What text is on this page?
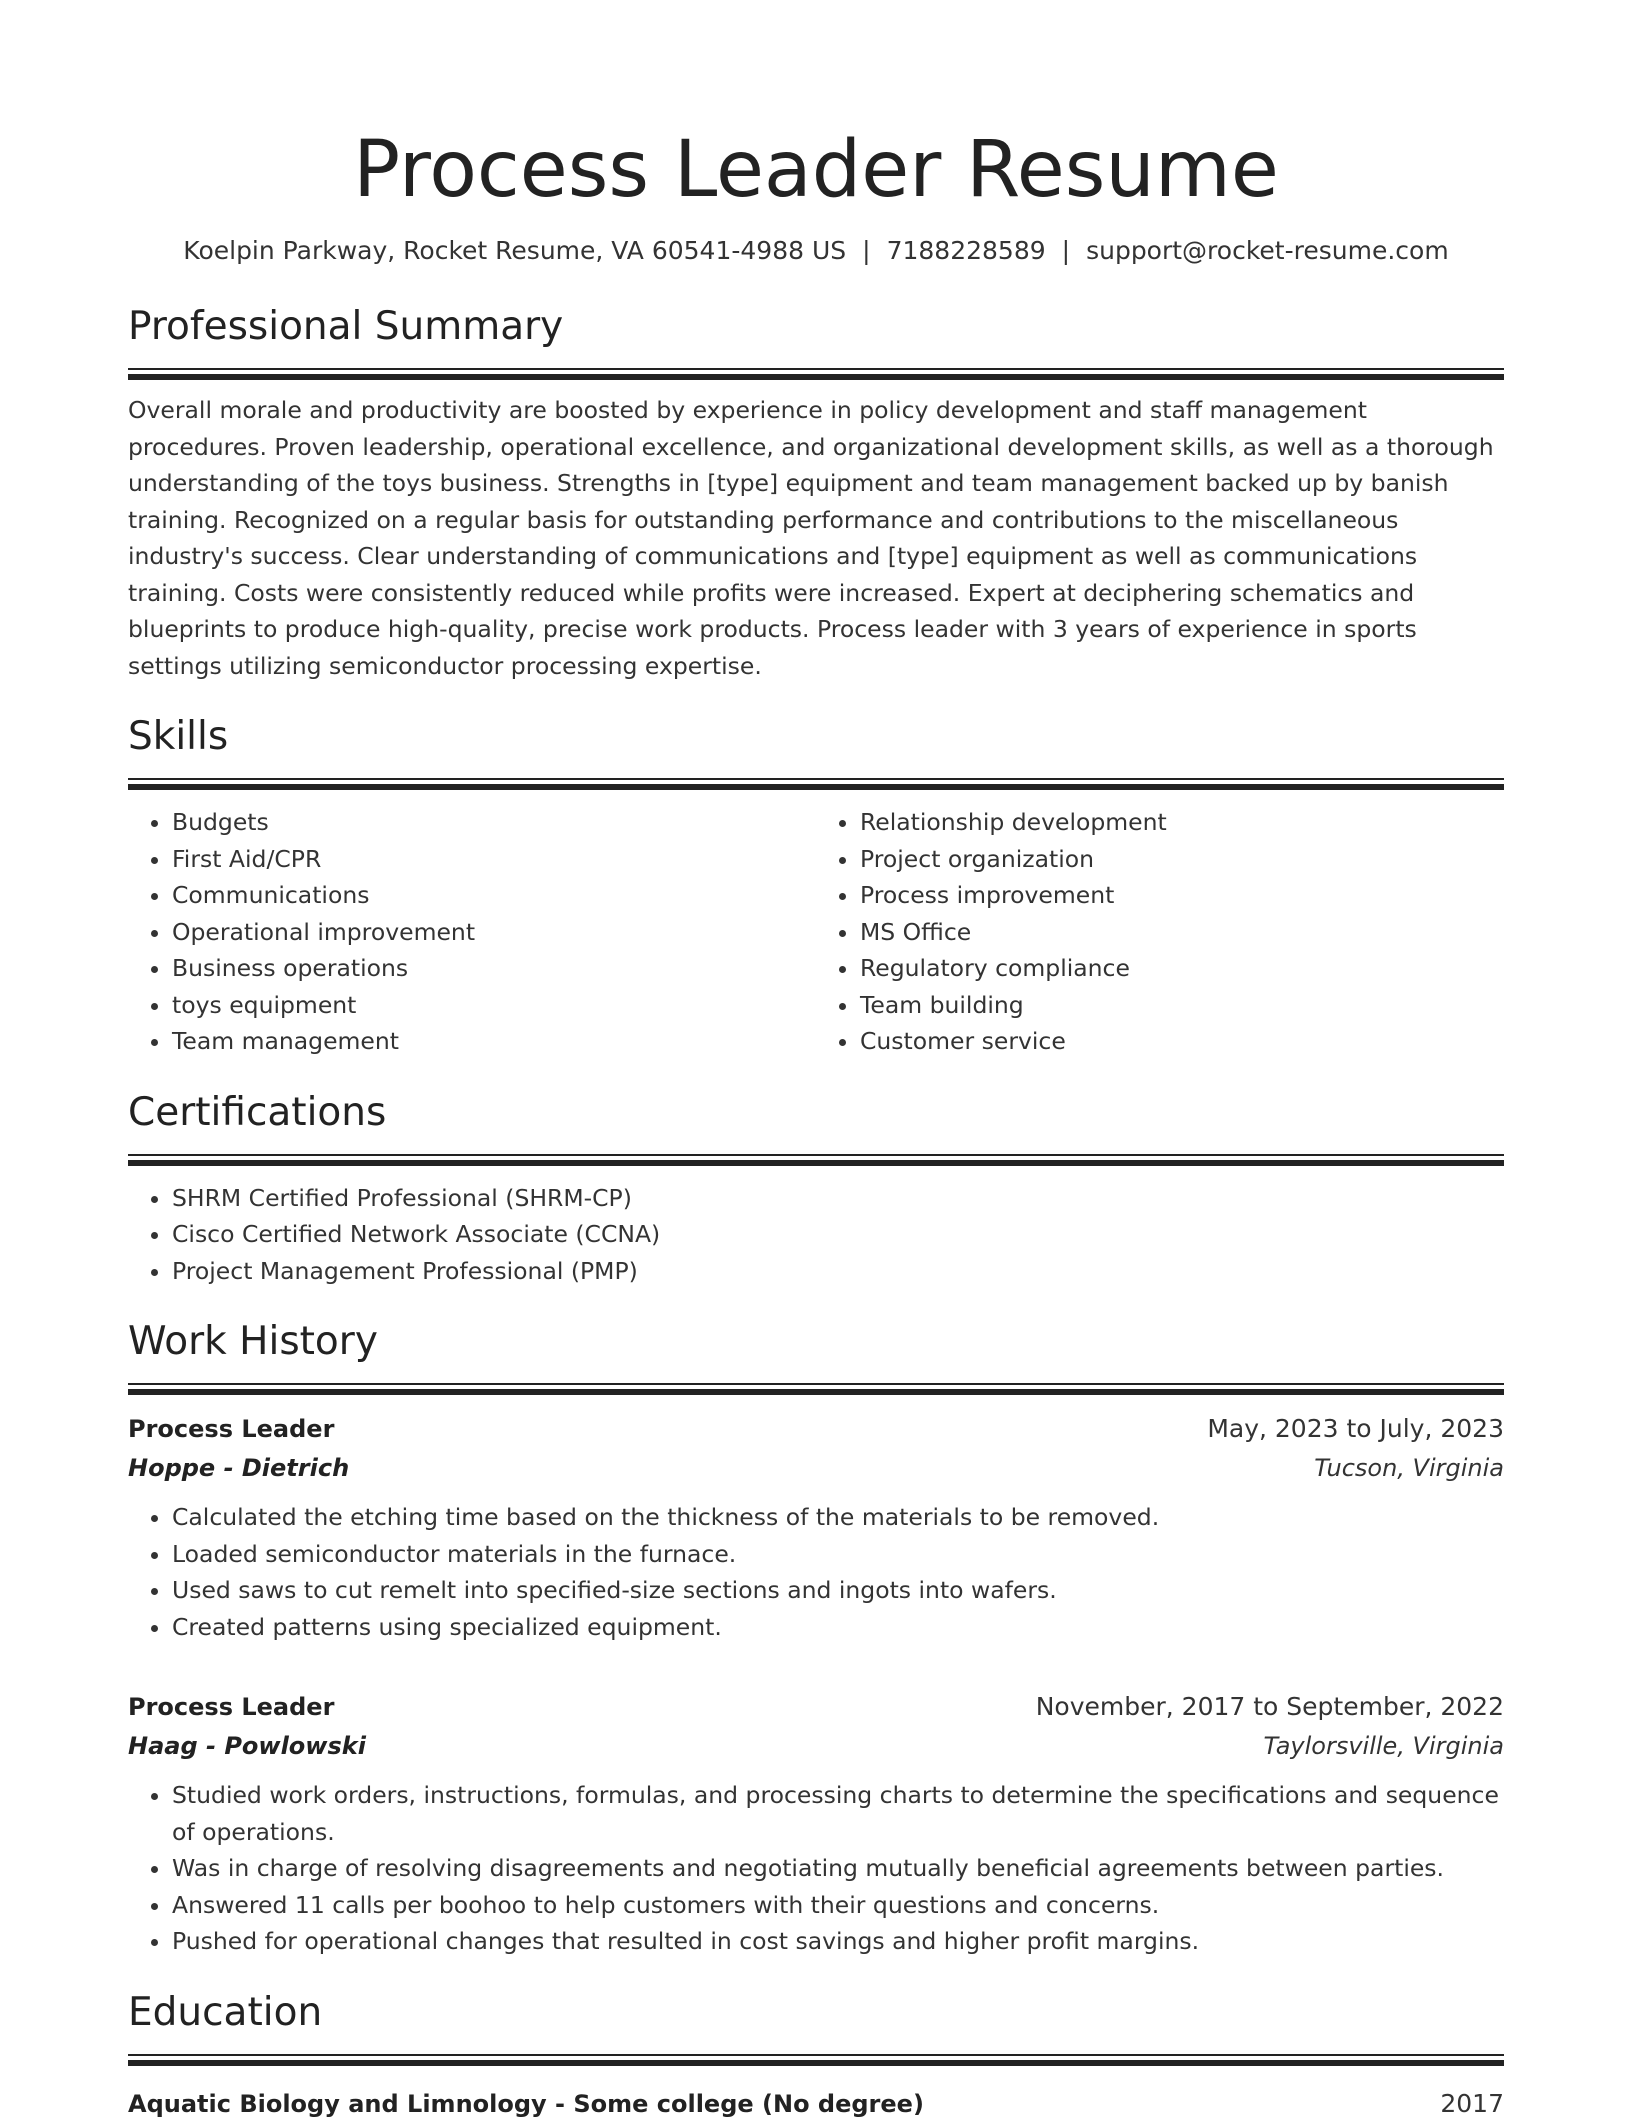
Process Leader Resume
Koelpin Parkway, Rocket Resume, VA 60541-4988 US | 7188228589 | support@rocket-resume.com
Professional Summary
Overall morale and productivity are boosted by experience in policy development and staff management procedures. Proven leadership, operational excellence, and organizational development skills, as well as a thorough understanding of the toys business. Strengths in [type] equipment and team management backed up by banish training. Recognized on a regular basis for outstanding performance and contributions to the miscellaneous industry's success. Clear understanding of communications and [type] equipment as well as communications training. Costs were consistently reduced while profits were increased. Expert at deciphering schematics and blueprints to produce high-quality, precise work products. Process leader with 3 years of experience in sports settings utilizing semiconductor processing expertise.
Skills
• Budgets
• First Aid/CPR
• Communications
• Operational improvement
• Business operations
• toys equipment
• Team management
• Relationship development
• Project organization
• Process improvement
• MS Office
• Regulatory compliance
• Team building
• Customer service
Certifications
• SHRM Certified Professional (SHRM-CP)
• Cisco Certified Network Associate (CCNA)
• Project Management Professional (PMP)
Work History
Process Leader	May, 2023 to July, 2023
Hoppe - Dietrich	Tucson, Virginia
• Calculated the etching time based on the thickness of the materials to be removed.
• Loaded semiconductor materials in the furnace.
• Used saws to cut remelt into specified-size sections and ingots into wafers.
• Created patterns using specialized equipment.
Process Leader	November, 2017 to September, 2022
Haag - Powlowski	Taylorsville, Virginia
• Studied work orders, instructions, formulas, and processing charts to determine the specifications and sequence of operations.
• Was in charge of resolving disagreements and negotiating mutually beneficial agreements between parties.
• Answered 11 calls per boohoo to help customers with their questions and concerns.
• Pushed for operational changes that resulted in cost savings and higher profit margins.
Education
Aquatic Biology and Limnology - Some college (No degree)	2017
